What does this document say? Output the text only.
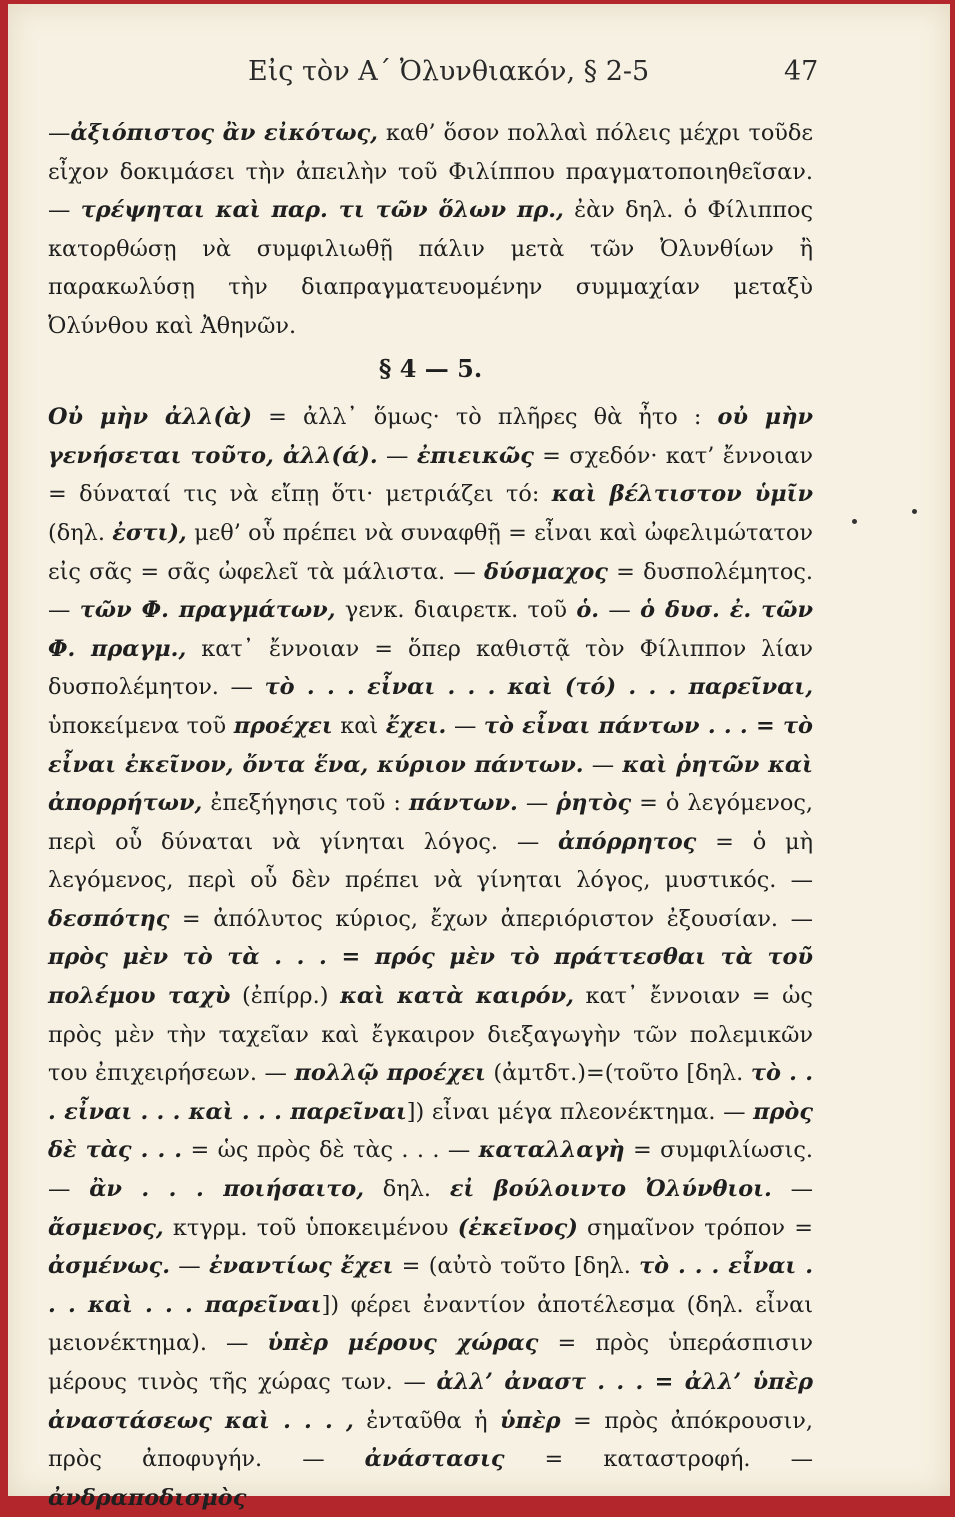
Εἰς τὸν Α΄ Ὀλυνθιακόν, § 2-5	47

—ἀξιόπιστος ἂν εἰκότως, καθ’ ὅσον πολλαὶ πόλεις μέχρι τοῦδε εἶχον δοκιμάσει τὴν ἀπειλὴν τοῦ Φιλίππου πραγματοποιηθεῖσαν. — τρέψηται καὶ παρ. τι τῶν ὅλων πρ., ἐὰν δηλ. ὁ Φίλιππος κατορθώσῃ νὰ συμφιλιωθῇ πάλιν μετὰ τῶν Ὀλυνθίων ἢ παρακωλύσῃ τὴν διαπραγματευομένην συμμαχίαν μεταξὺ Ὀλύνθου καὶ Ἀθηνῶν.

§ 4 — 5.

Οὐ μὴν ἀλλ(ὰ) = ἀλλ᾽ ὅμως· τὸ πλῆρες θὰ ἦτο : οὐ μὴν γενήσεται τοῦτο, ἀλλ(ά). — ἐπιεικῶς = σχεδόν· κατ’ ἔννοιαν = δύναταί τις νὰ εἴπῃ ὅτι· μετριάζει τό: καὶ βέλτιστον ὑμῖν (δηλ. ἐστι), μεθ’ οὗ πρέπει νὰ συναφθῇ = εἶναι καὶ ὠφελιμώτατον εἰς σᾶς = σᾶς ὠφελεῖ τὰ μάλιστα. — δύσμαχος = δυσπολέμητος. — τῶν Φ. πραγμάτων, γενκ. διαιρετκ. τοῦ ὁ. — ὁ δυσ. ἐ. τῶν Φ. πραγμ., κατ᾽ ἔννοιαν = ὅπερ καθιστᾷ τὸν Φίλιππον λίαν δυσπολέμητον. — τὸ . . . εἶναι . . . καὶ (τό) . . . παρεῖναι, ὑποκείμενα τοῦ προέχει καὶ ἔχει. — τὸ εἶναι πάντων . . . = τὸ εἶναι ἐκεῖνον, ὄντα ἕνα, κύριον πάντων. — καὶ ῥητῶν καὶ ἀπορρήτων, ἐπεξήγησις τοῦ : πάντων. — ῥητὸς = ὁ λεγόμενος, περὶ οὗ δύναται νὰ γίνηται λόγος. — ἀπόρρητος = ὁ μὴ λεγόμενος, περὶ οὗ δὲν πρέπει νὰ γίνηται λόγος, μυστικός. — δεσπότης = ἀπόλυτος κύριος, ἔχων ἀπεριόριστον ἐξουσίαν. — πρὸς μὲν τὸ τὰ . . . = πρός μὲν τὸ πράττεσθαι τὰ τοῦ πολέμου ταχὺ (ἐπίρρ.) καὶ κατὰ καιρόν, κατ᾽ ἔννοιαν = ὡς πρὸς μὲν τὴν ταχεῖαν καὶ ἔγκαιρον διεξαγωγὴν τῶν πολεμικῶν του ἐπιχειρήσεων. — πολλῷ προέχει (ἀμτδτ.)=(τοῦτο [δηλ. τὸ . . . εἶναι . . . καὶ . . . παρεῖναι]) εἶναι μέγα πλεονέκτημα. — πρὸς δὲ τὰς . . . = ὡς πρὸς δὲ τὰς . . . — καταλλαγὴ = συμφιλίωσις. — ἂν . . . ποιήσαιτο, δηλ. εἰ βούλοιντο Ὀλύνθιοι. — ἄσμενος, κτγρμ. τοῦ ὑποκειμένου (ἐκεῖνος) σημαῖνον τρόπον = ἀσμένως. — ἐναντίως ἔχει = (αὐτὸ τοῦτο [δηλ. τὸ . . . εἶναι . . . καὶ . . . παρεῖναι]) φέρει ἐναντίον ἀποτέλεσμα (δηλ. εἶναι μειονέκτημα). — ὑπὲρ μέρους χώρας = πρὸς ὑπεράσπισιν μέρους τινὸς τῆς χώρας των. — ἀλλ’ ἀναστ . . . = ἀλλ’ ὑπὲρ ἀναστάσεως καὶ . . . , ἐνταῦθα ἡ ὑπὲρ = πρὸς ἀπόκρουσιν, πρὸς ἀποφυγήν. — ἀνάστασις = καταστροφή. — ἀνδραποδισμὸς
